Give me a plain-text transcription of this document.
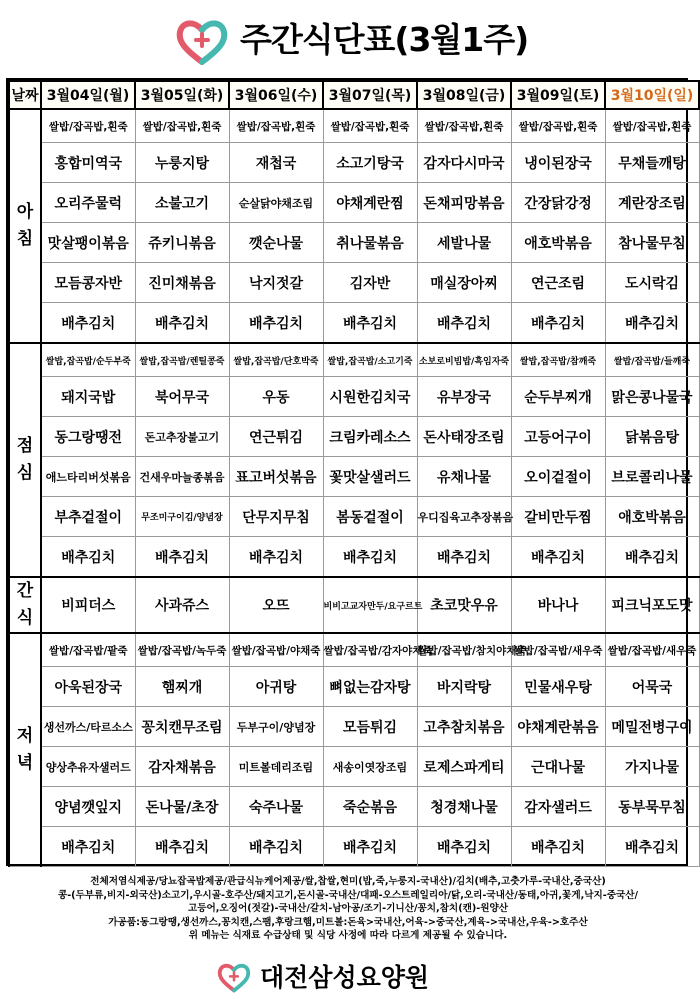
주간식단표(3월1주)
날짜	3월04일(월)	3월05일(화)	3월06일(수)	3월07일(목)	3월08일(금)	3월09일(토)	3월10일(일)

아
침	쌀밥/잡곡밥,흰죽	쌀밥/잡곡밥,흰죽	쌀밥/잡곡밥,흰죽	쌀밥/잡곡밥,흰죽	쌀밥/잡곡밥,흰죽	쌀밥/잡곡밥,흰죽	쌀밥/잡곡밥,흰죽
	홍합미역국	누룽지탕	재첩국	소고기탕국	감자다시마국	냉이된장국	무채들깨탕
	오리주물럭	소불고기	순살닭야채조림	야채계란찜	돈채피망볶음	간장닭강정	계란장조림
	맛살팽이볶음	쥬키니볶음	깻순나물	취나물볶음	세발나물	애호박볶음	참나물무침
	모듬콩자반	진미채볶음	낙지젓갈	김자반	매실장아찌	연근조림	도시락김
	배추김치	배추김치	배추김치	배추김치	배추김치	배추김치	배추김치

점
심	쌀밥,잡곡밥/순두부죽	쌀밥,잡곡밥/렌틸콩죽	쌀밥,잡곡밥/단호박죽	쌀밥,잡곡밥/소고기죽	소보로비빔밥/흑임자죽	쌀밥,잡곡밥/참깨죽	쌀밥/잡곡밥/들깨죽
	돼지국밥	북어무국	우동	시원한김치국	유부장국	순두부찌개	맑은콩나물국
	동그랑땡전	돈고추장불고기	연근튀김	크림카레소스	돈사태장조림	고등어구이	닭볶음탕
	애느타리버섯볶음	건새우마늘종볶음	표고버섯볶음	꽃맛살샐러드	유채나물	오이겉절이	브로콜리나물
	부추겉절이	무조미구이김/양념장	단무지무침	봄동겉절이	우디집육고추장볶음	갈비만두찜	애호박볶음
	배추김치	배추김치	배추김치	배추김치	배추김치	배추김치	배추김치

간
식	비피더스	사과쥬스	오뜨	비비고교자만두/요구르트	초코맛우유	바나나	피크닉포도맛

저
녁	쌀밥/잡곡밥/팥죽	쌀밥/잡곡밥/녹두죽	쌀밥/잡곡밥/야채죽	쌀밥/잡곡밥/감자야채죽	쌀밥/잡곡밥/참치야채죽	쌀밥/잡곡밥/새우죽	쌀밥/잡곡밥/새우죽
	아욱된장국	햄찌개	아귀탕	뼈없는감자탕	바지락탕	민물새우탕	어묵국
	생선까스/타르소스	꽁치캔무조림	두부구이/양념장	모듬튀김	고추참치볶음	야채계란볶음	메밀전병구이
	양상추유자샐러드	감자채볶음	미트볼데리조림	새송이엿장조림	로제스파게티	근대나물	가지나물
	양념깻잎지	돈나물/초장	숙주나물	죽순볶음	청경채나물	감자샐러드	동부묵무침
	배추김치	배추김치	배추김치	배추김치	배추김치	배추김치	배추김치
전체저염식제공/당뇨잡곡밥제공/관급식뉴케어제공/쌀,찹쌀,현미(밥,죽,누룽지-국내산)/김치(배추,고춧가루-국내산,중국산)
콩-(두부류,비지-외국산)소고기,우시골-호주산/돼지고기,돈시골-국내산/대패-오스트레일리아/닭,오리-국내산/동태,아귀,꽃게,낙지-중국산/
고등어,오징어(젓갈)-국내산/갈치-남아공/조기-기니산/꽁치,참치(캔)-원양산
가공품:동그랑땡,생선까스,꽁치캔,스팸,후랑크햄,미트볼:돈육>국내산,어육->중국산,계육->국내산,우육->호주산
위 메뉴는 식재료 수급상태 및 식당 사정에 따라 다르게 제공될 수 있습니다.
대전삼성요양원
